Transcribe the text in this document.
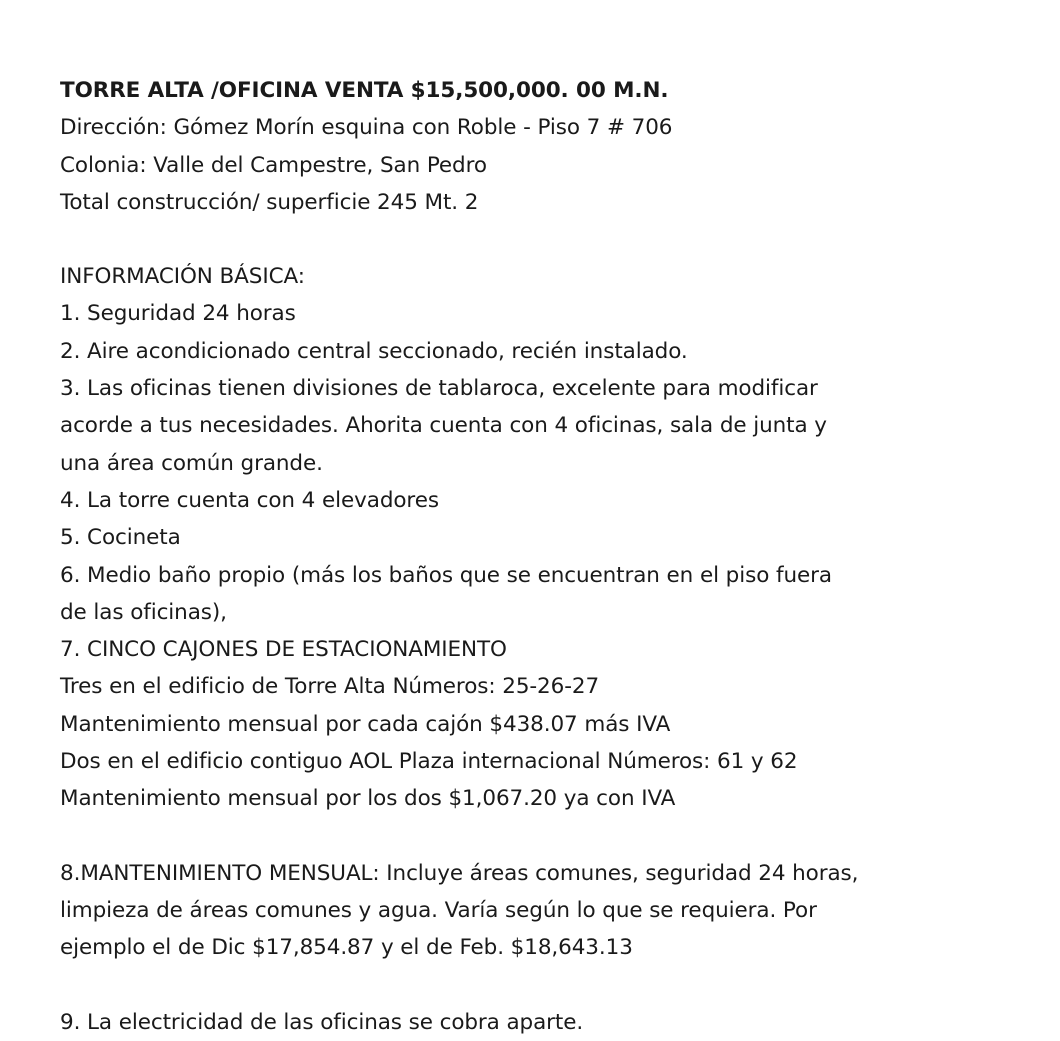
TORRE ALTA /OFICINA VENTA $15,500,000. 00 M.N.
Dirección: Gómez Morín esquina con Roble - Piso 7 # 706
Colonia: Valle del Campestre, San Pedro
Total construcción/ superficie 245 Mt. 2
INFORMACIÓN BÁSICA:
1. Seguridad 24 horas
2. Aire acondicionado central seccionado, recién instalado.
3. Las oficinas tienen divisiones de tablaroca, excelente para modificar
acorde a tus necesidades. Ahorita cuenta con 4 oficinas, sala de junta y
una área común grande.
4. La torre cuenta con 4 elevadores
5. Cocineta
6. Medio baño propio (más los baños que se encuentran en el piso fuera
de las oficinas),
7. CINCO CAJONES DE ESTACIONAMIENTO
Tres en el edificio de Torre Alta Números: 25-26-27
Mantenimiento mensual por cada cajón $438.07 más IVA
Dos en el edificio contiguo AOL Plaza internacional Números: 61 y 62
Mantenimiento mensual por los dos $1,067.20 ya con IVA
8.MANTENIMIENTO MENSUAL: Incluye áreas comunes, seguridad 24 horas,
limpieza de áreas comunes y agua. Varía según lo que se requiera. Por
ejemplo el de Dic $17,854.87 y el de Feb. $18,643.13
9. La electricidad de las oficinas se cobra aparte.
